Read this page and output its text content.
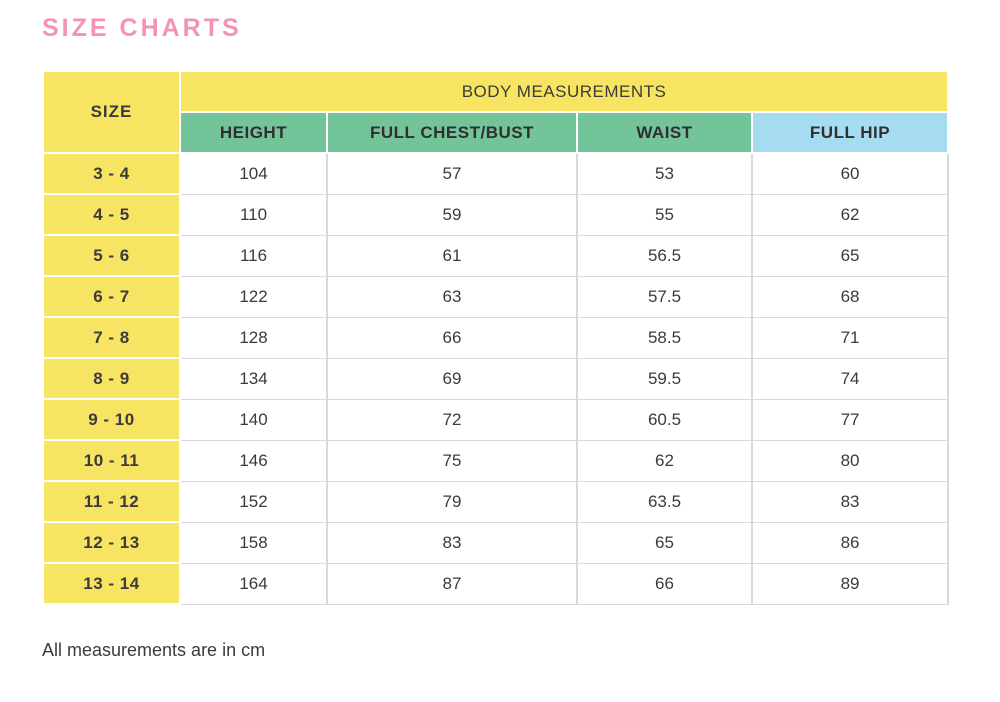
SIZE CHARTS
SIZE	BODY MEASUREMENTS			
	HEIGHT	FULL CHEST/BUST	WAIST	FULL HIP
3 - 4	104	57	53	60
4 - 5	110	59	55	62
5 - 6	116	61	56.5	65
6 - 7	122	63	57.5	68
7 - 8	128	66	58.5	71
8 - 9	134	69	59.5	74
9 - 10	140	72	60.5	77
10 - 11	146	75	62	80
11 - 12	152	79	63.5	83
12 - 13	158	83	65	86
13 - 14	164	87	66	89
All measurements are in cm
